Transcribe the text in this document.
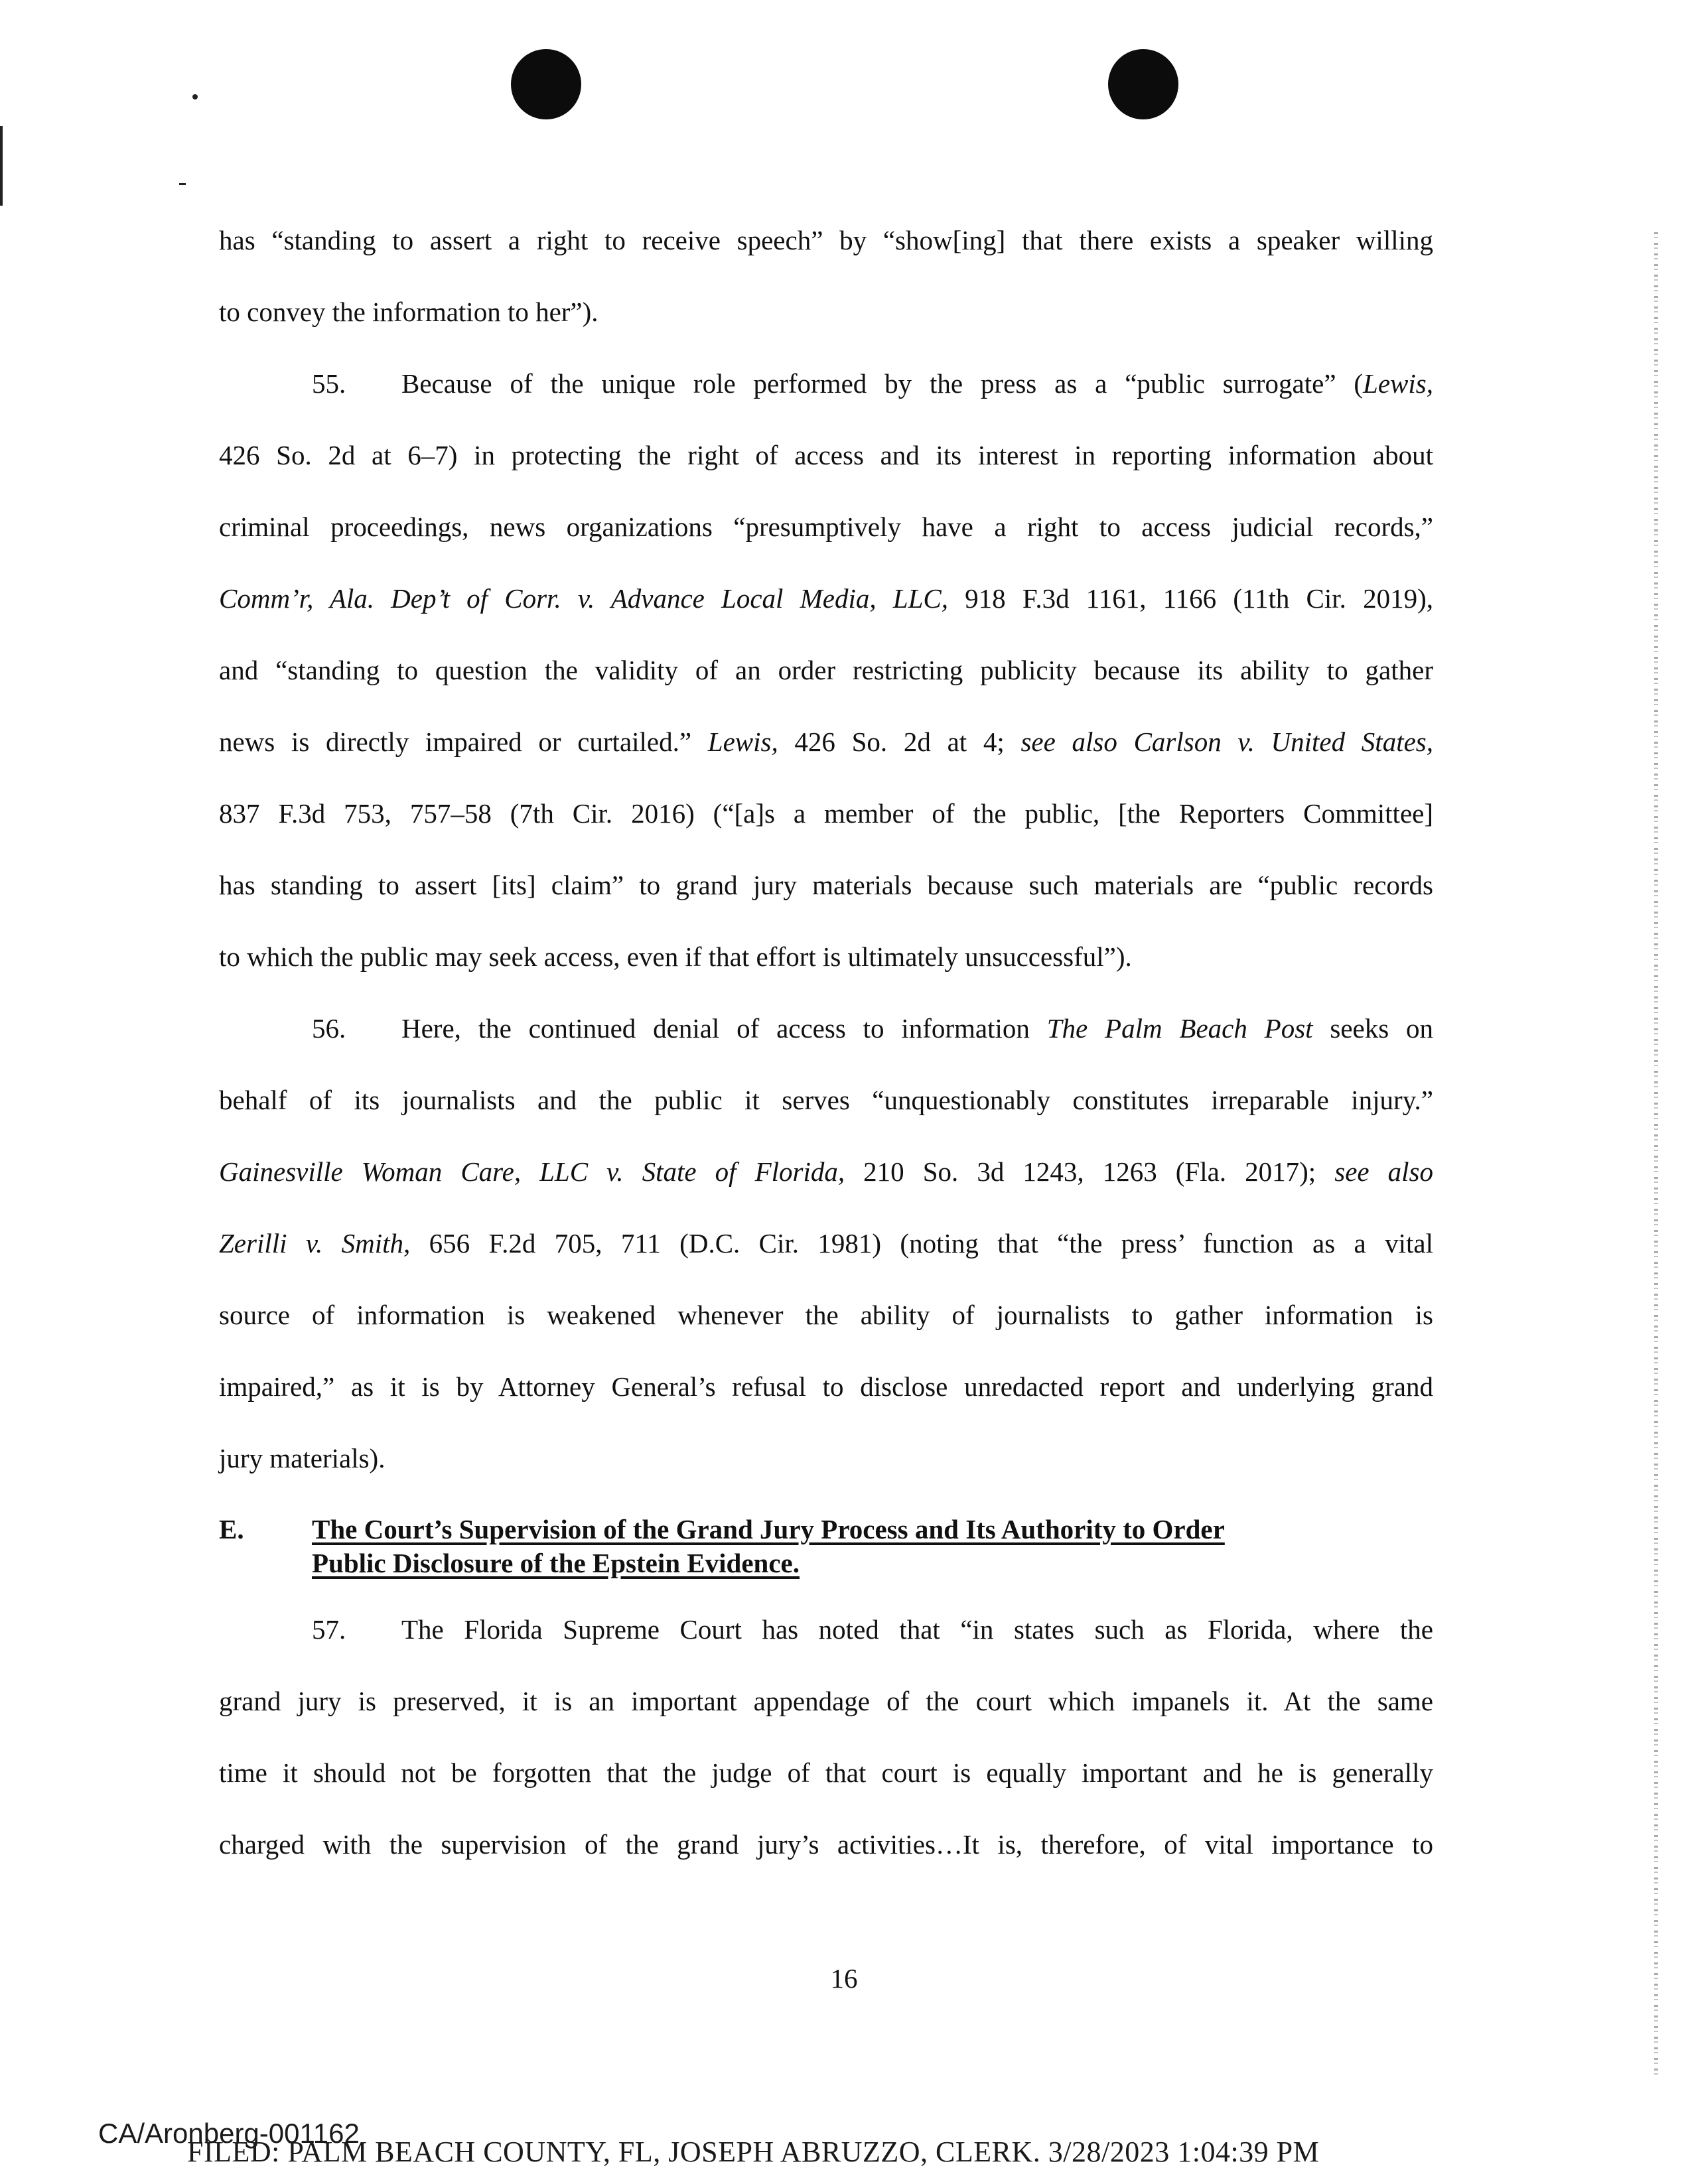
has “standing to assert a right to receive speech” by “show[ing] that there exists a speaker willing
to convey the information to her”).
55. Because of the unique role performed by the press as a “public surrogate” (Lewis,
426 So. 2d at 6–7) in protecting the right of access and its interest in reporting information about
criminal proceedings, news organizations “presumptively have a right to access judicial records,”
Comm’r, Ala. Dep’t of Corr. v. Advance Local Media, LLC, 918 F.3d 1161, 1166 (11th Cir. 2019),
and “standing to question the validity of an order restricting publicity because its ability to gather
news is directly impaired or curtailed.” Lewis, 426 So. 2d at 4; see also Carlson v. United States,
837 F.3d 753, 757–58 (7th Cir. 2016) (“[a]s a member of the public, [the Reporters Committee]
has standing to assert [its] claim” to grand jury materials because such materials are “public records
to which the public may seek access, even if that effort is ultimately unsuccessful”).
56. Here, the continued denial of access to information The Palm Beach Post seeks on
behalf of its journalists and the public it serves “unquestionably constitutes irreparable injury.”
Gainesville Woman Care, LLC v. State of Florida, 210 So. 3d 1243, 1263 (Fla. 2017); see also
Zerilli v. Smith, 656 F.2d 705, 711 (D.C. Cir. 1981) (noting that “the press’ function as a vital
source of information is weakened whenever the ability of journalists to gather information is
impaired,” as it is by Attorney General’s refusal to disclose unredacted report and underlying grand
jury materials).
E. The Court’s Supervision of the Grand Jury Process and Its Authority to Order
Public Disclosure of the Epstein Evidence.
57. The Florida Supreme Court has noted that “in states such as Florida, where the
grand jury is preserved, it is an important appendage of the court which impanels it. At the same
time it should not be forgotten that the judge of that court is equally important and he is generally
charged with the supervision of the grand jury’s activities…It is, therefore, of vital importance to
16
CA/Aronberg-001162
FILED: PALM BEACH COUNTY, FL, JOSEPH ABRUZZO, CLERK. 3/28/2023 1:04:39 PM
